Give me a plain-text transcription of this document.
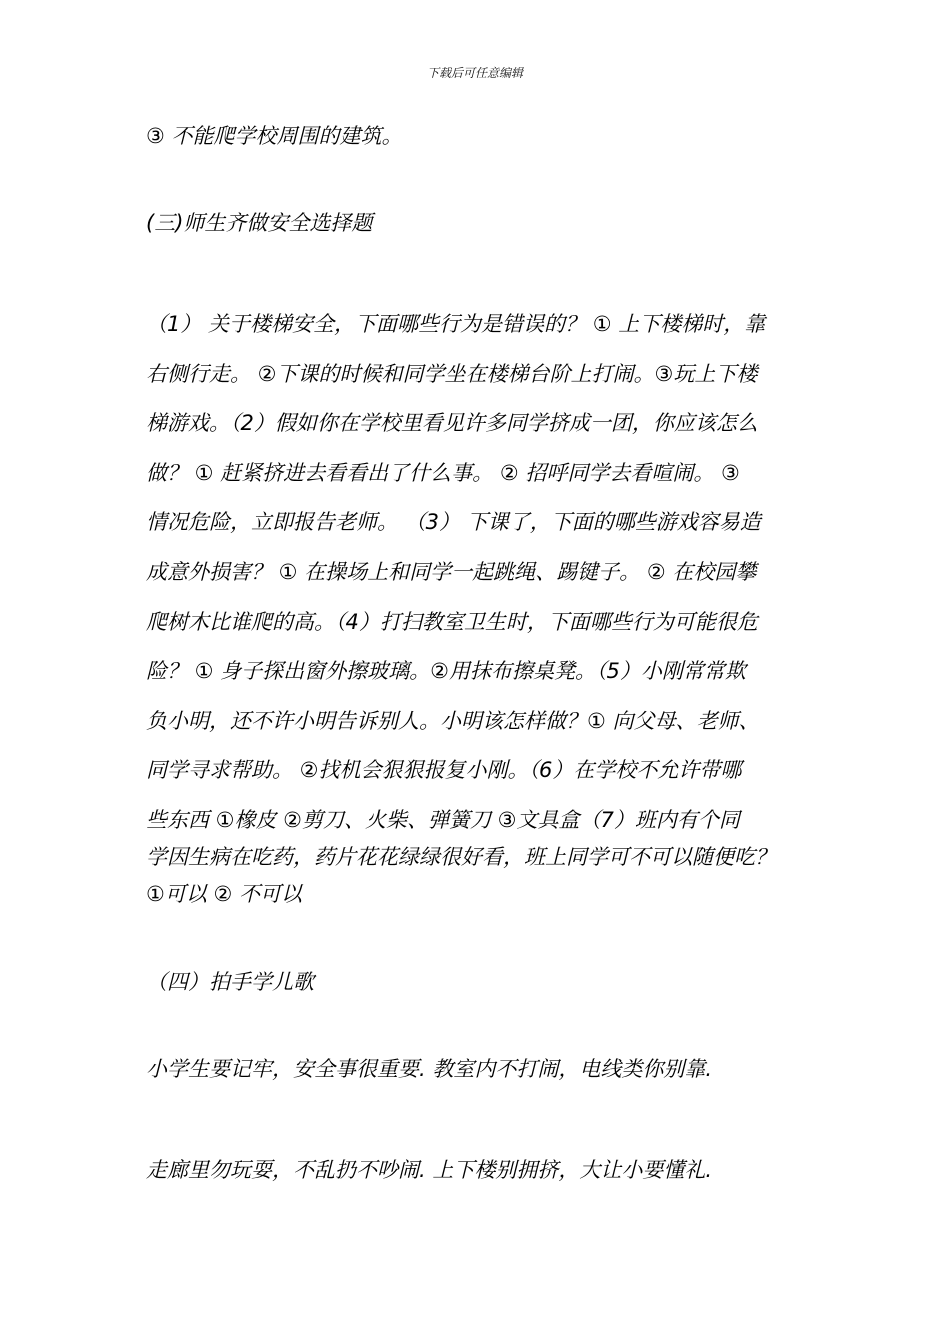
下载后可任意编辑
③ 不能爬学校周围的建筑。
(三)师生齐做安全选择题
（1） 关于楼梯安全，下面哪些行为是错误的？ ① 上下楼梯时，靠
右侧行走。 ②下课的时候和同学坐在楼梯台阶上打闹。③玩上下楼
梯游戏。（2）假如你在学校里看见许多同学挤成一团，你应该怎么
做？ ① 赶紧挤进去看看出了什么事。 ② 招呼同学去看喧闹。 ③
情况危险，立即报告老师。 （3） 下课了，下面的哪些游戏容易造
成意外损害？ ① 在操场上和同学一起跳绳、踢键子。 ② 在校园攀
爬树木比谁爬的高。（4）打扫教室卫生时，下面哪些行为可能很危
险？ ① 身子探出窗外擦玻璃。②用抹布擦桌凳。（5）小刚常常欺
负小明，还不许小明告诉别人。小明该怎样做？① 向父母、老师、
同学寻求帮助。 ②找机会狠狠报复小刚。（6）在学校不允许带哪
些东西 ①橡皮 ②剪刀、火柴、弹簧刀 ③文具盒（7）班内有个同
学因生病在吃药，药片花花绿绿很好看，班上同学可不可以随便吃？
①可以 ② 不可以
（四）拍手学儿歌
小学生要记牢，安全事很重要. 教室内不打闹，电线类你别靠.
走廊里勿玩耍，不乱扔不吵闹. 上下楼别拥挤，大让小要懂礼.
